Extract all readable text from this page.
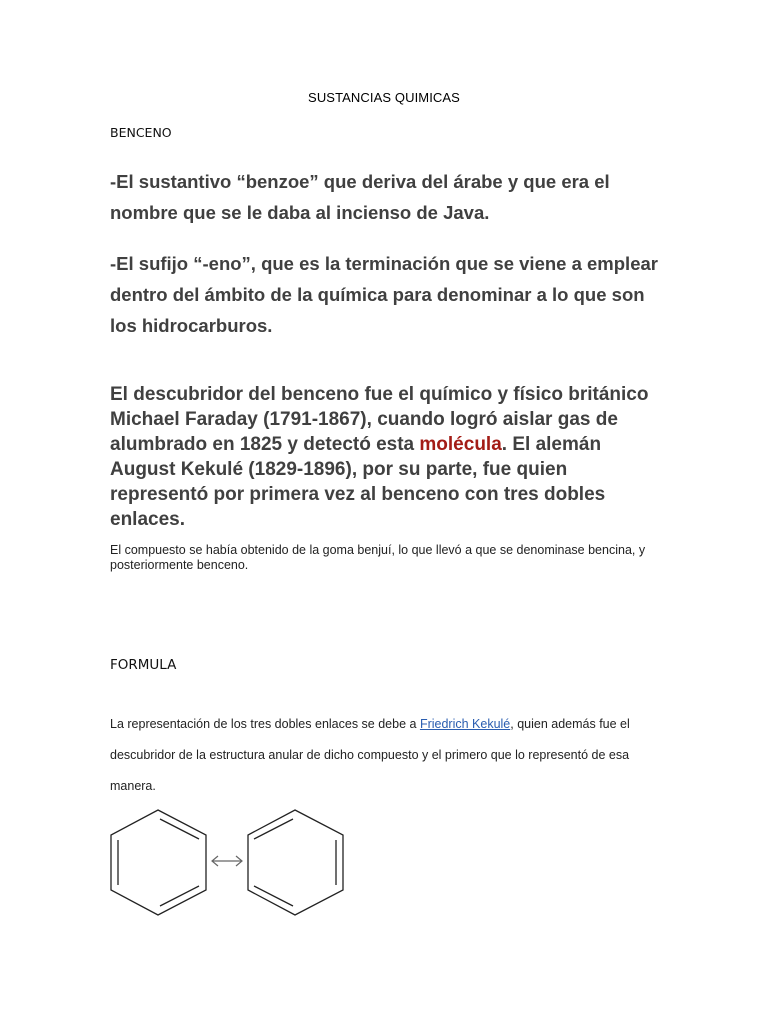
SUSTANCIAS QUIMICAS
BENCENO

-El sustantivo “benzoe” que deriva del árabe y que era el nombre que se le daba al incienso de Java.

-El sufijo “-eno”, que es la terminación que se viene a emplear dentro del ámbito de la química para denominar a lo que son los hidrocarburos.

El descubridor del benceno fue el químico y físico británico Michael Faraday (1791-1867), cuando logró aislar gas de alumbrado en 1825 y detectó esta molécula. El alemán August Kekulé (1829-1896), por su parte, fue quien representó por primera vez al benceno con tres dobles enlaces.

El compuesto se había obtenido de la goma benjuí, lo que llevó a que se denominase bencina, y posteriormente benceno.

FORMULA

La representación de los tres dobles enlaces se debe a Friedrich Kekulé, quien además fue el descubridor de la estructura anular de dicho compuesto y el primero que lo representó de esa manera.
